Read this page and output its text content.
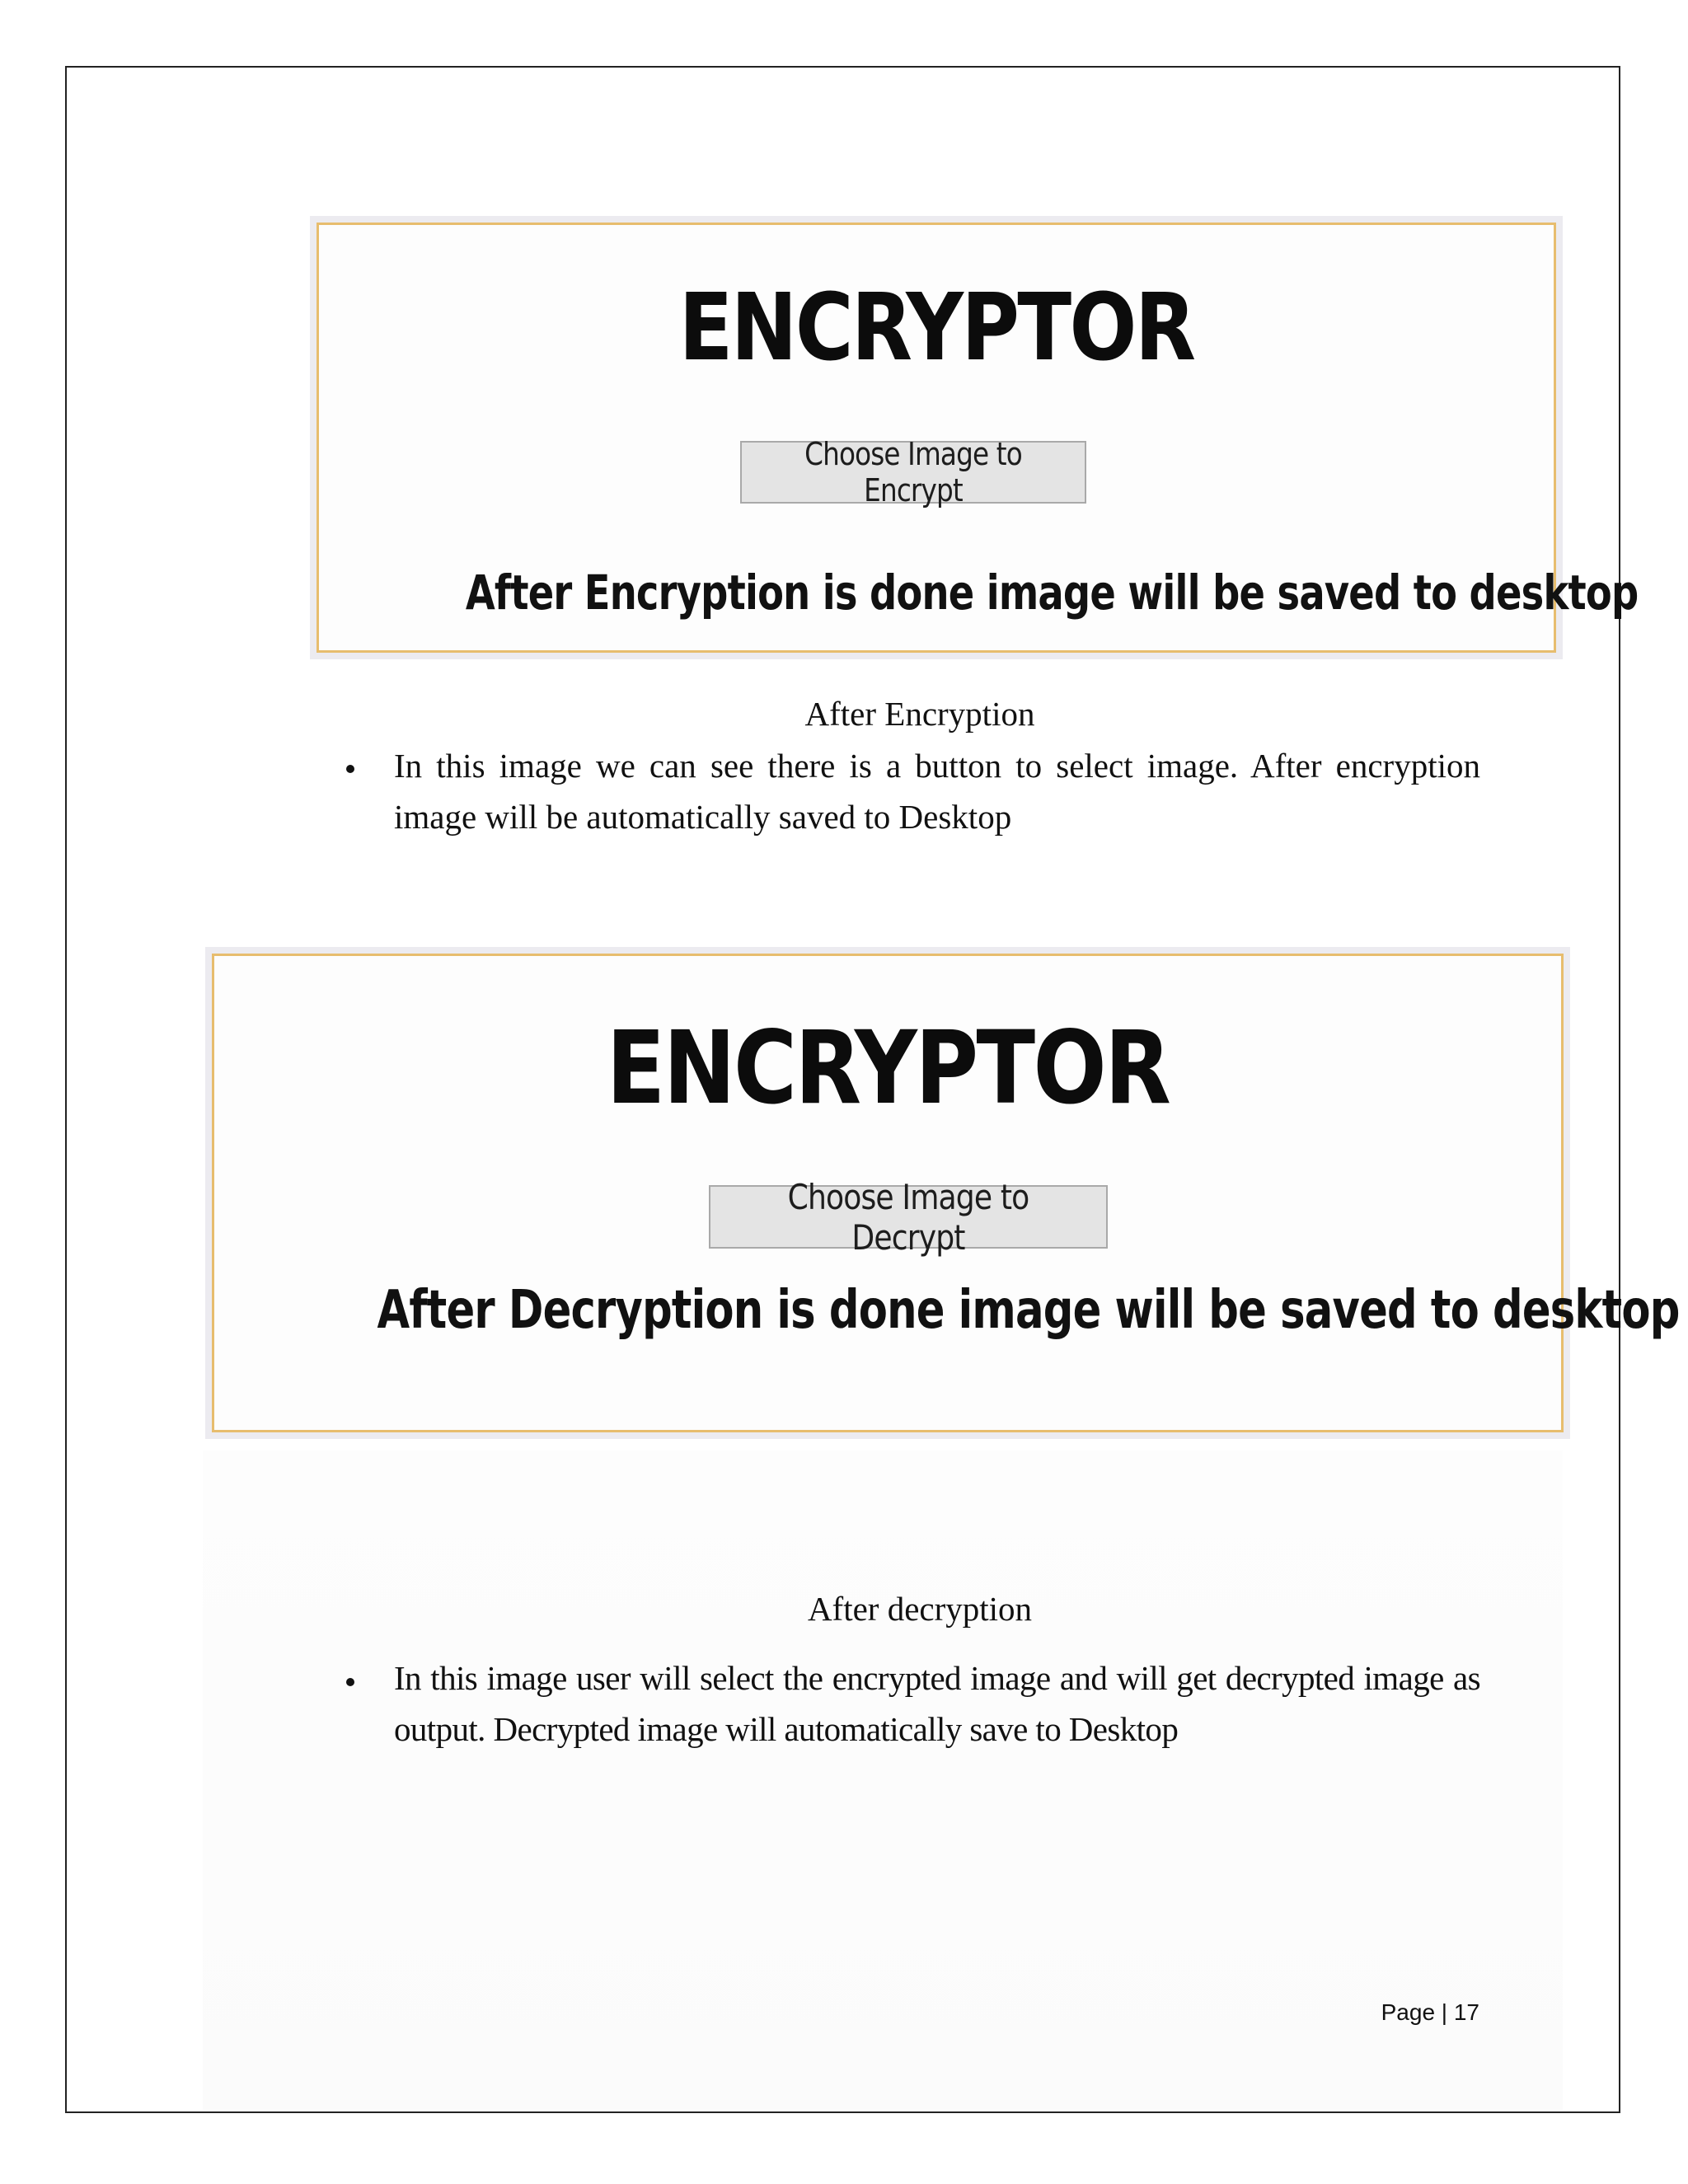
ENCRYPTOR
Choose Image to Encrypt
After Encryption is done image will be saved to desktop
After Encryption
In this image we can see there is a button to select image. After encryption image will be automatically saved to Desktop
ENCRYPTOR
Choose Image to Decrypt
After Decryption is done image will be saved to desktop
After decryption
In this image user will select the encrypted image and will get decrypted image as output. Decrypted image will automatically save to Desktop
Page | 17
